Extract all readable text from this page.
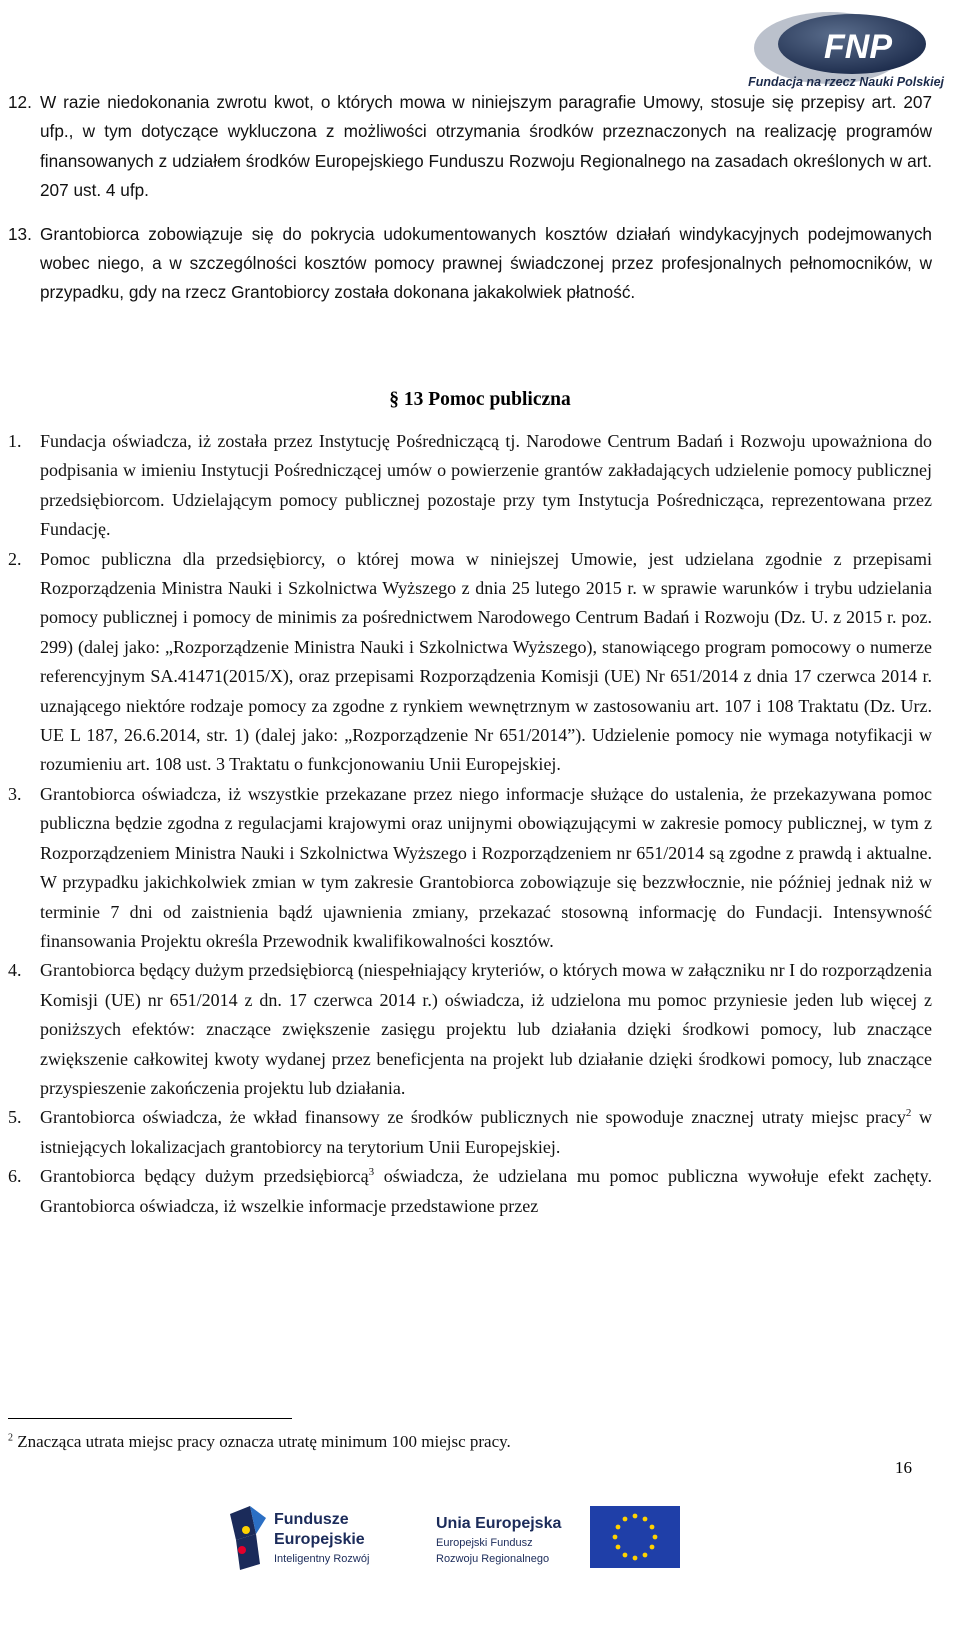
FNP
Fundacja na rzecz Nauki Polskiej
12. W razie niedokonania zwrotu kwot, o których mowa w niniejszym paragrafie Umowy, stosuje się przepisy art. 207 ufp., w tym dotyczące wykluczona z możliwości otrzymania środków przeznaczonych na realizację programów finansowanych z udziałem środków Europejskiego Funduszu Rozwoju Regionalnego na zasadach określonych w art. 207 ust. 4 ufp.
13. Grantobiorca zobowiązuje się do pokrycia udokumentowanych kosztów działań windykacyjnych podejmowanych wobec niego, a w szczególności kosztów pomocy prawnej świadczonej przez profesjonalnych pełnomocników, w przypadku, gdy na rzecz Grantobiorcy została dokonana jakakolwiek płatność.
§ 13 Pomoc publiczna
1.	Fundacja oświadcza, iż została przez Instytucję Pośredniczącą tj. Narodowe Centrum Badań i Rozwoju upoważniona do podpisania w imieniu Instytucji Pośredniczącej umów o powierzenie grantów zakładających udzielenie pomocy publicznej przedsiębiorcom. Udzielającym pomocy publicznej pozostaje przy tym Instytucja Pośrednicząca, reprezentowana przez Fundację.
2.	Pomoc publiczna dla przedsiębiorcy, o której mowa w niniejszej Umowie, jest udzielana zgodnie z przepisami Rozporządzenia Ministra Nauki i Szkolnictwa Wyższego z dnia 25 lutego 2015 r. w sprawie warunków i trybu udzielania pomocy publicznej i pomocy de minimis za pośrednictwem Narodowego Centrum Badań i Rozwoju (Dz. U. z 2015 r. poz. 299) (dalej jako: „Rozporządzenie Ministra Nauki i Szkolnictwa Wyższego), stanowiącego program pomocowy o numerze referencyjnym SA.41471(2015/X), oraz przepisami Rozporządzenia Komisji (UE) Nr 651/2014 z dnia 17 czerwca 2014 r. uznającego niektóre rodzaje pomocy za zgodne z rynkiem wewnętrznym w zastosowaniu art. 107 i 108 Traktatu (Dz. Urz. UE L 187, 26.6.2014, str. 1) (dalej jako: „Rozporządzenie Nr 651/2014”). Udzielenie pomocy nie wymaga notyfikacji w rozumieniu art. 108 ust. 3 Traktatu o funkcjonowaniu Unii Europejskiej.
3.	Grantobiorca oświadcza, iż wszystkie przekazane przez niego informacje służące do ustalenia, że przekazywana pomoc publiczna będzie zgodna z regulacjami krajowymi oraz unijnymi obowiązującymi w zakresie pomocy publicznej, w tym z Rozporządzeniem Ministra Nauki i Szkolnictwa Wyższego i Rozporządzeniem nr 651/2014 są zgodne z prawdą i aktualne. W przypadku jakichkolwiek zmian w tym zakresie Grantobiorca zobowiązuje się bezzwłocznie, nie później jednak niż w terminie 7 dni od zaistnienia bądź ujawnienia zmiany, przekazać stosowną informację do Fundacji. Intensywność finansowania Projektu określa Przewodnik kwalifikowalności kosztów.
4.	Grantobiorca będący dużym przedsiębiorcą (niespełniający kryteriów, o których mowa w załączniku nr I do rozporządzenia Komisji (UE) nr 651/2014 z dn. 17 czerwca 2014 r.) oświadcza, iż udzielona mu pomoc przyniesie jeden lub więcej z poniższych efektów: znaczące zwiększenie zasięgu projektu lub działania dzięki środkowi pomocy, lub znaczące zwiększenie całkowitej kwoty wydanej przez beneficjenta na projekt lub działanie dzięki środkowi pomocy, lub znaczące przyspieszenie zakończenia projektu lub działania.
5.	Grantobiorca oświadcza, że wkład finansowy ze środków publicznych nie spowoduje znacznej utraty miejsc pracy$^2$ w istniejących lokalizacjach grantobiorcy na terytorium Unii Europejskiej.
6.	Grantobiorca będący dużym przedsiębiorcą$^3$ oświadcza, że udzielana mu pomoc publiczna wywołuje efekt zachęty. Grantobiorca oświadcza, iż wszelkie informacje przedstawione przez
$^2$ Znacząca utrata miejsc pracy oznacza utratę minimum 100 miejsc pracy.
16
Fundusze
Europejskie
Inteligentny Rozwój
Unia Europejska
Europejski Fundusz
Rozwoju Regionalnego
